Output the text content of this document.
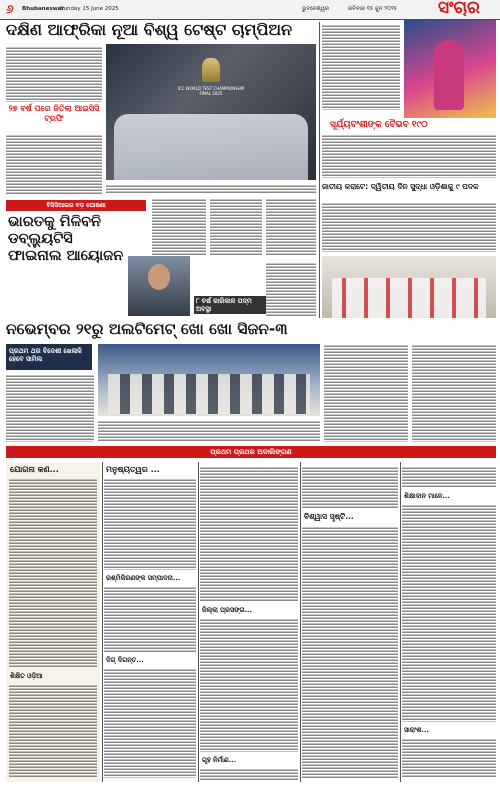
୬ Bhubaneswar
Sunday 15 June 2025	ଭୁବନେଶ୍ୱର	ରବିବାର ୧୫ ଜୁନ ୨୦୨୫ ସଂଚାର
ଦକ୍ଷିଣ ଆଫ୍ରିକା ନୂଆ ବିଶ୍ୱ ଟେଷ୍ଟ ଚାମ୍ପିଅନ
୨୭ ବର୍ଷ ପରେ ଜିତିଲା ଆଇସିସି ଟ୍ରଫି
ICC WORLD TEST CHAMPIONSHIP FINAL 2025
ସୂର୍ଯ୍ୟବଂଶୀଙ୍କ ବୈଭବ ୧୯୦
ଜାତୀୟ କରାଟେ: ଦ୍ୱିତୀୟ ଦିନ ସୁଦ୍ଧା ଓଡ଼ିଶାକୁ ୯ ପଦକ
ବିସିସିଆଇର ବଡ଼ ଘୋଷଣା
ଭାରତକୁ ମିଳିବନି ଡବ୍ଲ୍ୟୁଟିସି ଫାଇନାଲ ଆୟୋଜନ
୮ ବର୍ଷ କାରିକାଳ ପଦ୍ମ ଅବସ୍ଥା
ନଭେମ୍ବର ୨୧ରୁ ଅଲଟିମେଟ୍ ଖୋ ଖୋ ସିଜନ-୩
ପ୍ରଥମ ଥର ବିଦେଶୀ ଖେଳାଳି ହେବେ ସାମିଲ
ପ୍ରଥମ ପ୍ରଥର ଅଦାଲିଙ୍ଗଣ
ଯୋଗନା କଣ...
ଶିକ୍ଷିତ ଓଡ଼ିଆ
ମନୁଷ୍ୟତ୍ୱର ...
ରଶ୍ମିକିରଣଙ୍କ ସମ୍ପାଦନା...
ଦିଗ୍ ଦିଗନ୍ତ...
ଜିଲ୍ଲା ପ୍ରସଙ୍ଗ...
ଗୃହ ନିର୍ମାଣ...
ବିଶ୍ୱାସ ସୃଷ୍ଟି...
ଶିକ୍ଷାଦାନ ମାନେ...
ସାରାଂଶ...
